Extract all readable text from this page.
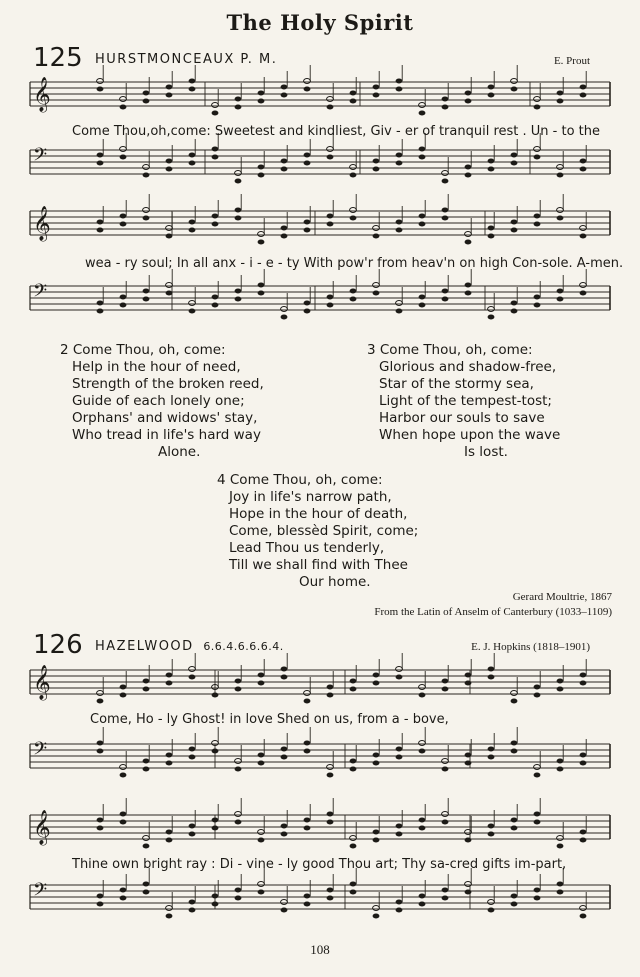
The Holy Spirit
125 HURSTMONCEAUX P. M.	E. Prout
𝄞
𝄢
𝄞
𝄢
𝄞
𝄢
𝄞
𝄢
Come Thou,oh,come: Sweetest and kindliest, Giv - er of tranquil rest . Un - to the
wea - ry soul; In all anx - i - e - ty With pow'r from heav'n on high Con-sole. A-men.
2 Come Thou, oh, come:
Help in the hour of need,
Strength of the broken reed,
Guide of each lonely one;
Orphans' and widows' stay,
Who tread in life's hard way
Alone.
3 Come Thou, oh, come:
Glorious and shadow-free,
Star of the stormy sea,
Light of the tempest-tost;
Harbor our souls to save
When hope upon the wave
Is lost.
4 Come Thou, oh, come:
Joy in life's narrow path,
Hope in the hour of death,
Come, blessèd Spirit, come;
Lead Thou us tenderly,
Till we shall find with Thee
Our home.
Gerard Moultrie, 1867
From the Latin of Anselm of Canterbury (1033–1109)
126 HAZELWOOD 6.6.4.6.6.6.4.	E. J. Hopkins (1818–1901)
Come, Ho - ly Ghost! in love Shed on us, from a - bove,
Thine own bright ray : Di - vine - ly good Thou art; Thy sa-cred gifts im-part,
108
